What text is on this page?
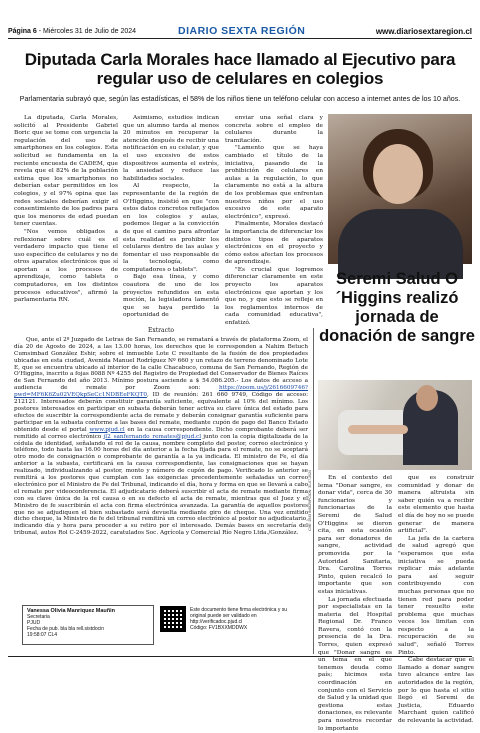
Página 6 - Miércoles 31 de Julio de 2024	DIARIO SEXTA REGIÓN	www.diariosextaregion.cl
Diputada Carla Morales hace llamado al Ejecutivo para regular uso de celulares en colegios
Parlamentaria subrayó que, según las estadísticas, el 58% de los niños tiene un teléfono celular con acceso a internet antes de los 10 años.

La diputada, Carla Morales, solicitó al Presidente Gabriel Boric que se tome con urgencia la regulación del uso de smartphones en los colegios. Esta solicitud se fundamenta en la reciente encuesta de CADEM, que revela que el 82% de la población estima que los smartphones no deberían estar permitidos en los colegios, y el 97% opina que las redes sociales deberían exigir el consentimiento de los padres para que los menores de edad puedan tener cuentas.

"Nos vemos obligados a reflexionar sobre cuál es el verdadero impacto que tiene el uso específico de celulares y no de otros aparatos electrónicos que sí aportan a los procesos de aprendizaje, como tablets o computadores, en los distintos procesos educativos", afirmó la parlamentaria RN.

Asimismo, estudios indican que un alumno tarda al menos 20 minutos en recuperar la atención después de recibir una notificación en su celular, y que el uso excesivo de estos dispositivos aumenta el estrés, la ansiedad y reduce las habilidades sociales.

Al respecto, la representante de la región de O'Higgins, insistió en que "con estos datos concretos reflejados en los colegios y aulas, podemos llegar a la convicción de que el camino para afrontar esta realidad es prohibir los celulares dentro de las aulas y fomentar el uso responsable de la tecnología, como computadores o tablets".

Bajo esa línea, y como coautora de uno de los proyectos refundidos en esta moción, la legisladora lamentó que se haya perdido la oportunidad de

enviar una señal clara y concreta sobre el empleo de celulares durante la tramitación.

"Lamento que se haya cambiado el título de la iniciativa, pasando de la prohibición de celulares en aulas a la regulación, lo que claramente no está a la altura de los problemas que enfrentan nuestros niños por el uso excesivo de este aparato electrónico", expresó.

Finalmente, Morales destacó la importancia de diferenciar los distintos tipos de aparatos electrónicos en el proyecto y cómo estos afectan los procesos de aprendizaje.

"Es crucial que logremos diferenciar claramente en este proyecto los aparatos electrónicos que aportan y los que no, y que esto se refleje en los reglamentos internos de cada comunidad educativa", enfatizó.

Seremi Salud O´Higgins realizó jornada de donación de sangre
Extracto

Que, ante el 2º Juzgado de Letras de San Fernando, se rematará a través de plataforma Zoom, el día 20 de Agosto de 2024, a las 13.00 horas, los derechos que le corresponden a Nahim Betuch Cumsimbad González Eshir, sobre el inmueble Lote C resultante de la fusión de dos propiedades ubicadas en esta ciudad, Avenida Manuel Rodríguez Nº 660 y un retazo de terreno denominado Lote E, que se encuentra ubicado al interior de la calle Chacabuco, comuna de San Fernando, Región de O'Higgins, inscrito a fojas 8088 Nº 4255 del Registro de Propiedad del Conservador de Bienes Raíces de San Fernando del año 2013. Mínimo postura asciende a $ 54.086.205.- Los datos de acceso a audiencia de remate por Zoom son: https://zoom.us/j/2616609746?pwd=MF6K6Zu02VEQkpSeCc1NDBEeFKQT0, ID de reunión: 261 660 9749, Código de acceso: 212121. Interesados deberán constituir garantía suficiente, equivalente al 10% del mínimo. Los postores interesados en participar en subasta deberán tener activa su clave única del estado para efectos de suscribir la correspondiente acta de remate y deberán consignar garantía suficiente para participar en la subasta conforme a las bases del remate, mediante cupón de pago del Banco Estado obtenido desde el portal www.pjud.cl en la causa correspondiente. Dicho comprobante deberá ser remitido al correo electrónico jl2_sanfernando_remates@pjud.cl junto con la copia digitalizada de la cédula de identidad, señalando el rol de la causa, nombre completo del postor, correo electrónico y teléfono, todo hasta las 16.00 horas del día anterior a la fecha fijada para el remate, no se aceptará otro modo de consignación o comprobante de garantía a la ya indicada. El ministro de Fe, el día anterior a la subasta, certificará en la causa correspondiente, las consignaciones que se hayan realizado, individualizando al postor, monto y número de cupón de pago. Verificado lo anterior se remitirá a los postores que cumplan con las exigencias precedentemente señaladas un correo electrónico por el Ministro de Fe del Tribunal, indicando el día, hora y forma en que se llevará a cabo el remate por videoconferencia. El adjudicatario deberá suscribir el acta de remate mediante firma con su clave única de la rol causa o en su defecto el acta de remate, mientras que el Juez y el Ministro de fe suscribirán el acta con firma electrónica avanzada. La garantía de aquellos postores que no se adjudiquen el bien subastado será devuelta mediante giro de cheque. Una vez emitido dicho cheque, la Ministro de fe del tribunal remitirá un correo electrónico al postor no adjudicatario, indicando día y hora para proceder a su retiro por el interesado. Demás bases en secretaría del tribunal, autos Rol C-2459-2022, caratulados Soc. Agrícola y Comercial Río Negro Ltda./González.

Vanessa Olivia Manriquez Mauñin
Secretaria
PJUD
Fecha de pub. bla bla rell.sistdocin
19:58:07 CL4
Este documento tiene firma electrónica y su original puede ser validado en http://verificadoc.pjud.cl
Código: FV1BXXMDDWX
CVE: 2543 INSCRIPCION: 31-07-2024	En el contexto del lema "Donar sangre, es donar vida", cerca de 30 funcionarios y funcionarias de la Seremi de Salud O'Higgins se dieron cita, en esta ocasión para ser donadores de sangre, actividad promovida por la Autoridad Sanitaria, Dra. Carolina Torres Pinto, quien recalcó lo importante que son estas iniciativas.

La jornada efectuada por especialistas en la materia del Hospital Regional Dr. Franco Ravera, contó con la presencia de la Dra. Torres, quien expresó que "Donar sangre es un tema en el que tenemos deuda como país; hicimos esta coordinación en conjunto con el Servicio de Salud y la unidad que gestiona estas donaciones, es relevante para nosotros recordar lo importante

que es construir comunidad y donar de manera altruista sin saber quién va a recibir este elemento que hasta el día de hoy no se puede generar de manera artificial".

La jefa de la cartera de salud agregó que "esperamos que esta iniciativa se pueda replicar más adelante para así seguir contribuyendo con muchas personas que no tienen red para poder tener resuelto este problema que muchas veces los limitan con respecto a la recuperación de su salud", señaló Torres Pinto.

Cabe destacar que el llamado a donar sangre tuvo alcance entre las autoridades de la región, por lo que hasta el sitio llegó el Seremi de Justicia, Eduardo Marchant quien calificó de relevante la actividad.
